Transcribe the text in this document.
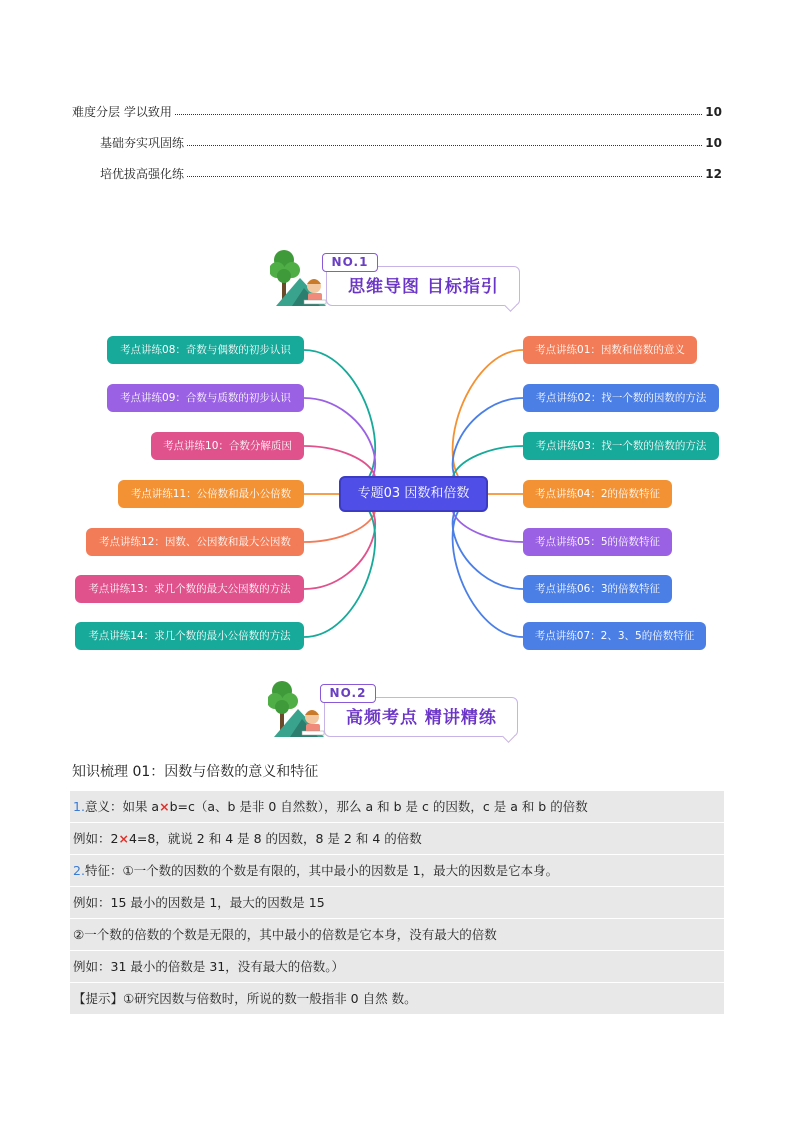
难度分层 学以致用	10
基础夯实巩固练	10
培优拔高强化练	12
NO.1
思维导图 目标指引
专题03 因数和倍数
考点讲练01：因数和倍数的意义
考点讲练02：找一个数的因数的方法
考点讲练03：找一个数的倍数的方法
考点讲练04：2的倍数特征
考点讲练05：5的倍数特征
考点讲练06：3的倍数特征
考点讲练07：2、3、5的倍数特征
考点讲练08：奇数与偶数的初步认识
考点讲练09：合数与质数的初步认识
考点讲练10：合数分解质因
考点讲练11：公倍数和最小公倍数
考点讲练12：因数、公因数和最大公因数
考点讲练13：求几个数的最大公因数的方法
考点讲练14：求几个数的最小公倍数的方法
NO.2
高频考点 精讲精练
知识梳理 01：因数与倍数的意义和特征
1.意义：如果 a×b=c（a、b 是非 0 自然数），那么 a 和 b 是 c 的因数，c 是 a 和 b 的倍数
例如：2×4=8，就说 2 和 4 是 8 的因数，8 是 2 和 4 的倍数
2.特征：①一个数的因数的个数是有限的，其中最小的因数是 1，最大的因数是它本身。
例如：15 最小的因数是 1，最大的因数是 15
②一个数的倍数的个数是无限的，其中最小的倍数是它本身，没有最大的倍数
例如：31 最小的倍数是 31，没有最大的倍数。）
【提示】①研究因数与倍数时，所说的数一般指非 0 自然 数。
